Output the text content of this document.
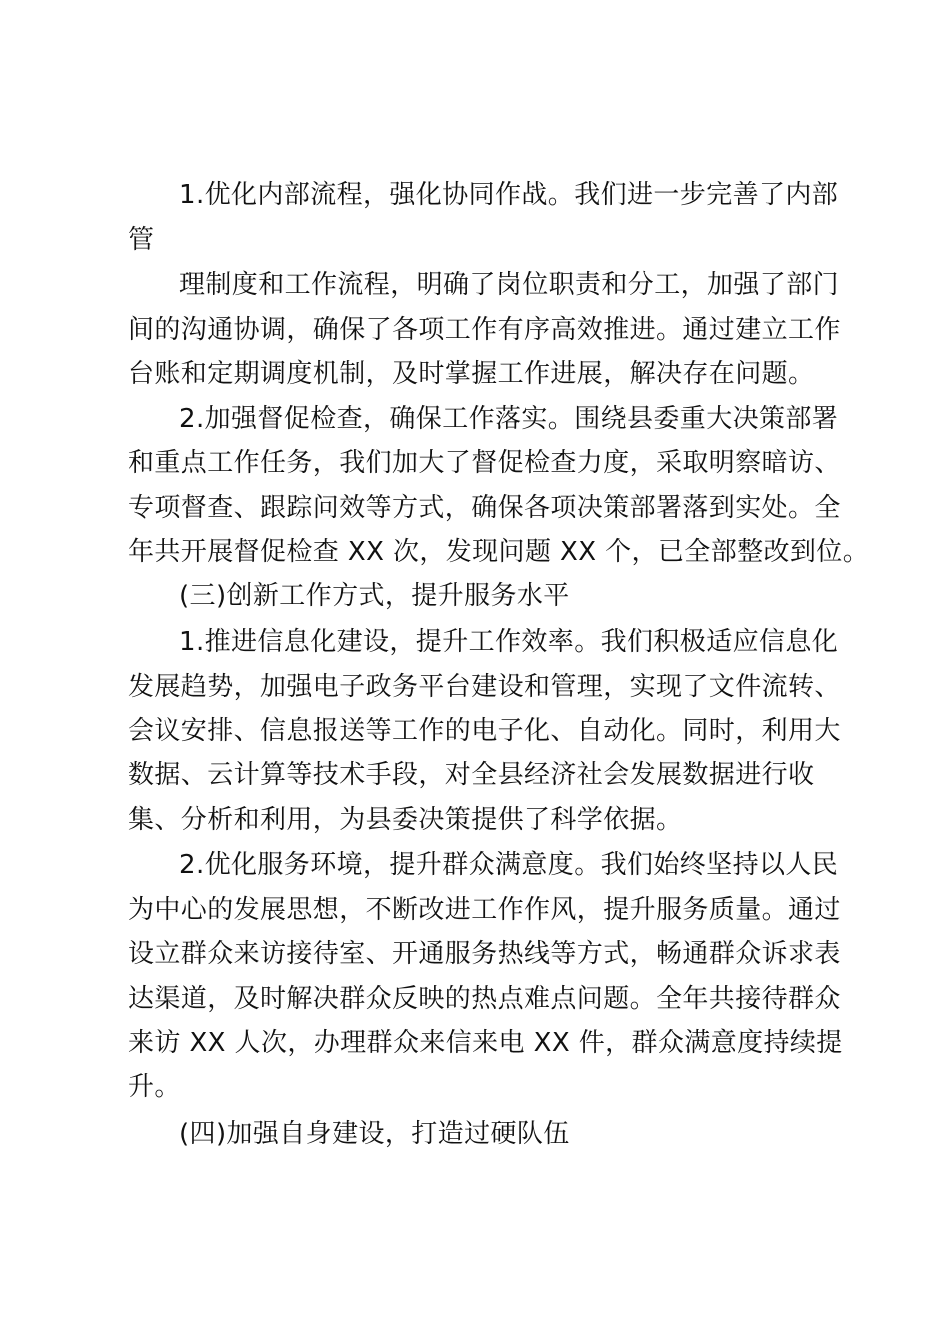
1.优化内部流程，强化协同作战。我们进一步完善了内部
管
理制度和工作流程，明确了岗位职责和分工，加强了部门
间的沟通协调，确保了各项工作有序高效推进。通过建立工作
台账和定期调度机制，及时掌握工作进展，解决存在问题。
2.加强督促检查，确保工作落实。围绕县委重大决策部署
和重点工作任务，我们加大了督促检查力度，采取明察暗访、
专项督查、跟踪问效等方式，确保各项决策部署落到实处。全
年共开展督促检查 XX 次，发现问题 XX 个，已全部整改到位。
(三)创新工作方式，提升服务水平
1.推进信息化建设，提升工作效率。我们积极适应信息化
发展趋势，加强电子政务平台建设和管理，实现了文件流转、
会议安排、信息报送等工作的电子化、自动化。同时，利用大
数据、云计算等技术手段，对全县经济社会发展数据进行收
集、分析和利用，为县委决策提供了科学依据。
2.优化服务环境，提升群众满意度。我们始终坚持以人民
为中心的发展思想，不断改进工作作风，提升服务质量。通过
设立群众来访接待室、开通服务热线等方式，畅通群众诉求表
达渠道，及时解决群众反映的热点难点问题。全年共接待群众
来访 XX 人次，办理群众来信来电 XX 件，群众满意度持续提
升。
(四)加强自身建设，打造过硬队伍
